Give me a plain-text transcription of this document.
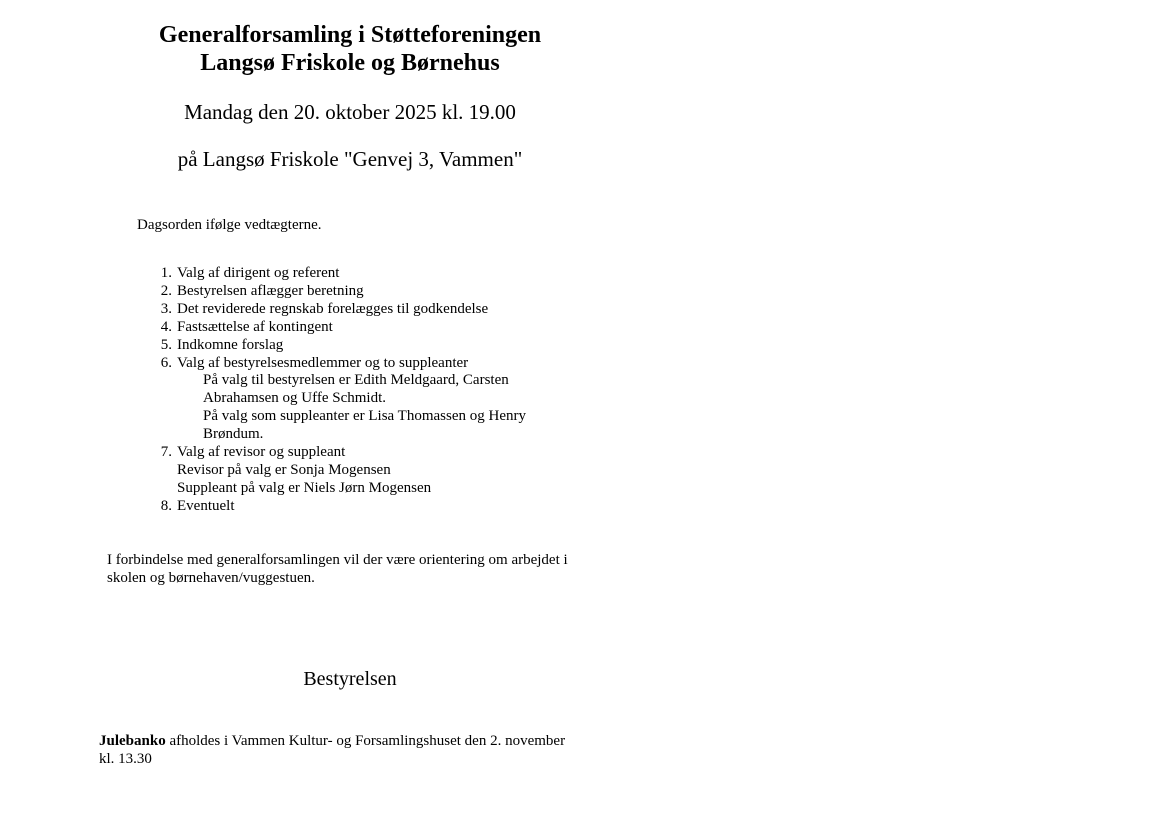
Generalforsamling i Støtteforeningen
Langsø Friskole og Børnehus
Mandag den 20. oktober 2025 kl. 19.00
på Langsø Friskole "Genvej 3, Vammen"
Dagsorden ifølge vedtægterne.
1. Valg af dirigent og referent
2. Bestyrelsen aflægger beretning
3. Det reviderede regnskab forelægges til godkendelse
4. Fastsættelse af kontingent
5. Indkomne forslag
6. Valg af bestyrelsesmedlemmer og to suppleanter
På valg til bestyrelsen er Edith Meldgaard, Carsten
Abrahamsen og Uffe Schmidt.
På valg som suppleanter er Lisa Thomassen og Henry
Brøndum.
7. Valg af revisor og suppleant
Revisor på valg er Sonja Mogensen
Suppleant på valg er Niels Jørn Mogensen
8. Eventuelt
I forbindelse med generalforsamlingen vil der være orientering om arbejdet i
skolen og børnehaven/vuggestuen.
Bestyrelsen
Julebanko afholdes i Vammen Kultur- og Forsamlingshuset den 2. november
kl. 13.30
